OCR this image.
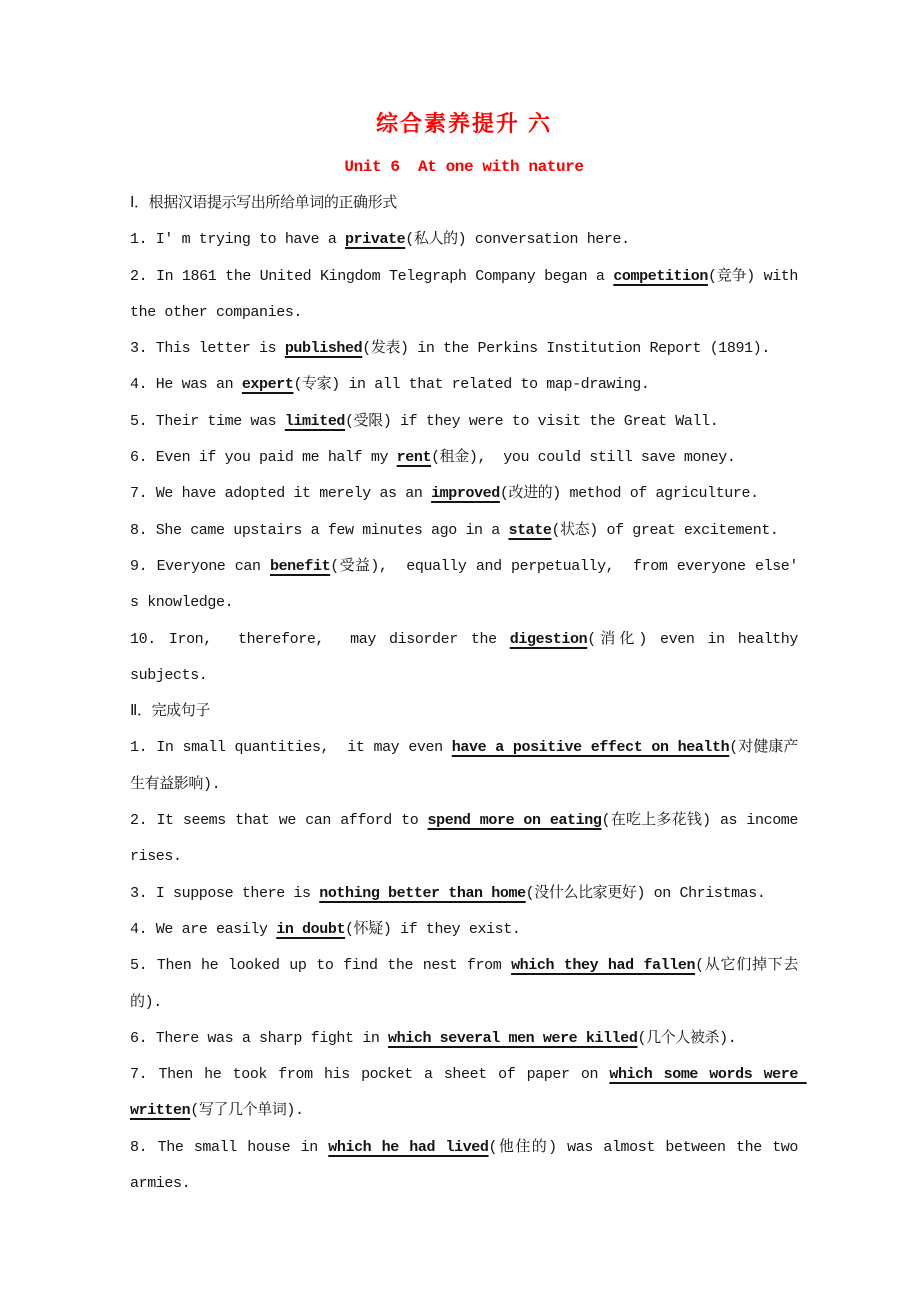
综合素养提升 六
Unit 6  At one with nature

Ⅰ．根据汉语提示写出所给单词的正确形式

1. I' m trying to have a private(私人的) conversation here.

2. In 1861 the United Kingdom Telegraph Company began a competition(竞争) with the other companies.

3. This letter is published(发表) in the Perkins Institution Report (1891).

4. He was an expert(专家) in all that related to map-drawing.

5. Their time was limited(受限) if they were to visit the Great Wall.

6. Even if you paid me half my rent(租金),  you could still save money.

7. We have adopted it merely as an improved(改进的) method of agriculture.

8. She came upstairs a few minutes ago in a state(状态) of great excitement.

9. Everyone can benefit(受益),  equally and perpetually,  from everyone else' s knowledge.

10. Iron,  therefore,  may disorder the digestion(消化) even in healthy subjects.

Ⅱ．完成句子

1. In small quantities,  it may even have a positive effect on health(对健康产生有益影响).

2. It seems that we can afford to spend more on eating(在吃上多花钱) as income rises.

3. I suppose there is nothing better than home(没什么比家更好) on Christmas.

4. We are easily in doubt(怀疑) if they exist.

5. Then he looked up to find the nest from which they had fallen(从它们掉下去的).

6. There was a sharp fight in which several men were killed(几个人被杀).

7. Then he took from his pocket a sheet of paper on which some words were written(写了几个单词).

8. The small house in which he had lived(他住的) was almost between the two armies.
